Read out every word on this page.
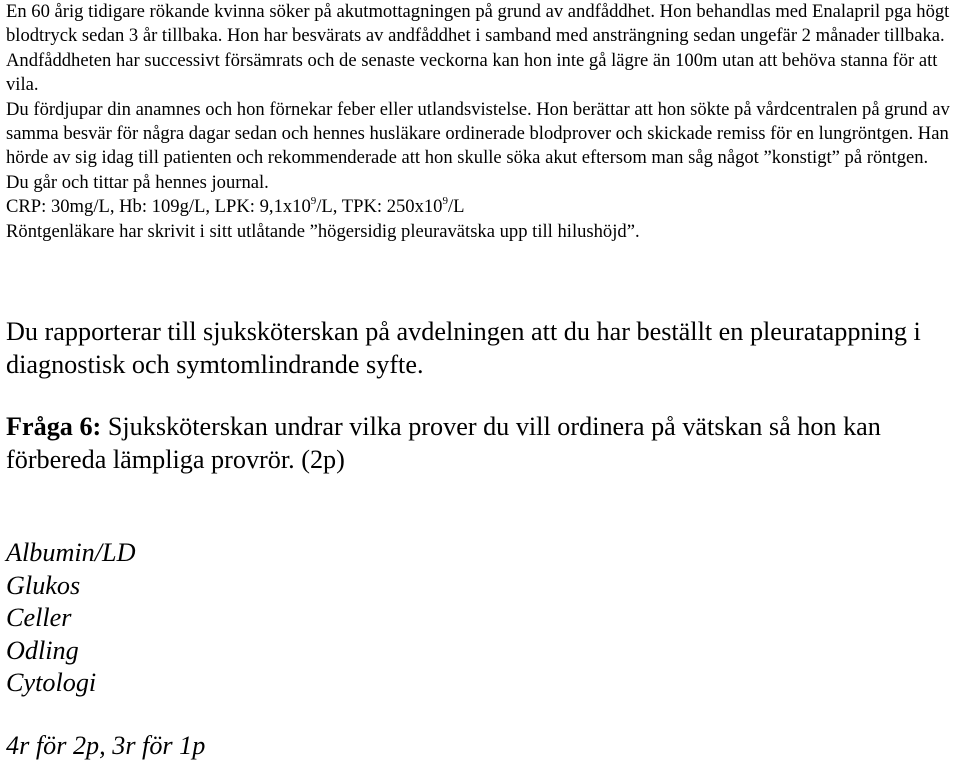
En 60 årig tidigare rökande kvinna söker på akutmottagningen på grund av andfåddhet. Hon behandlas med Enalapril pga högt blodtryck sedan 3 år tillbaka. Hon har besvärats av andfåddhet i samband med ansträngning sedan ungefär 2 månader tillbaka. Andfåddheten har successivt försämrats och de senaste veckorna kan hon inte gå lägre än 100m utan att behöva stanna för att vila.

Du fördjupar din anamnes och hon förnekar feber eller utlandsvistelse. Hon berättar att hon sökte på vårdcentralen på grund av samma besvär för några dagar sedan och hennes husläkare ordinerade blodprover och skickade remiss för en lungröntgen. Han hörde av sig idag till patienten och rekommenderade att hon skulle söka akut eftersom man såg något ”konstigt” på röntgen.

Du går och tittar på hennes journal.

CRP: 30mg/L, Hb: 109g/L, LPK: $9,1x10^9/L$, TPK: $250x10^9/L$

Röntgenläkare har skrivit i sitt utlåtande ”högersidig pleuravätska upp till hilushöjd”.

Du rapporterar till sjuksköterskan på avdelningen att du har beställt en pleuratappning i diagnostisk och symtomlindrande syfte.

Fråga 6: Sjuksköterskan undrar vilka prover du vill ordinera på vätskan så hon kan förbereda lämpliga provrör. (2p)

Albumin/LD
Glukos
Celler
Odling
Cytologi

4r för 2p, 3r för 1p
